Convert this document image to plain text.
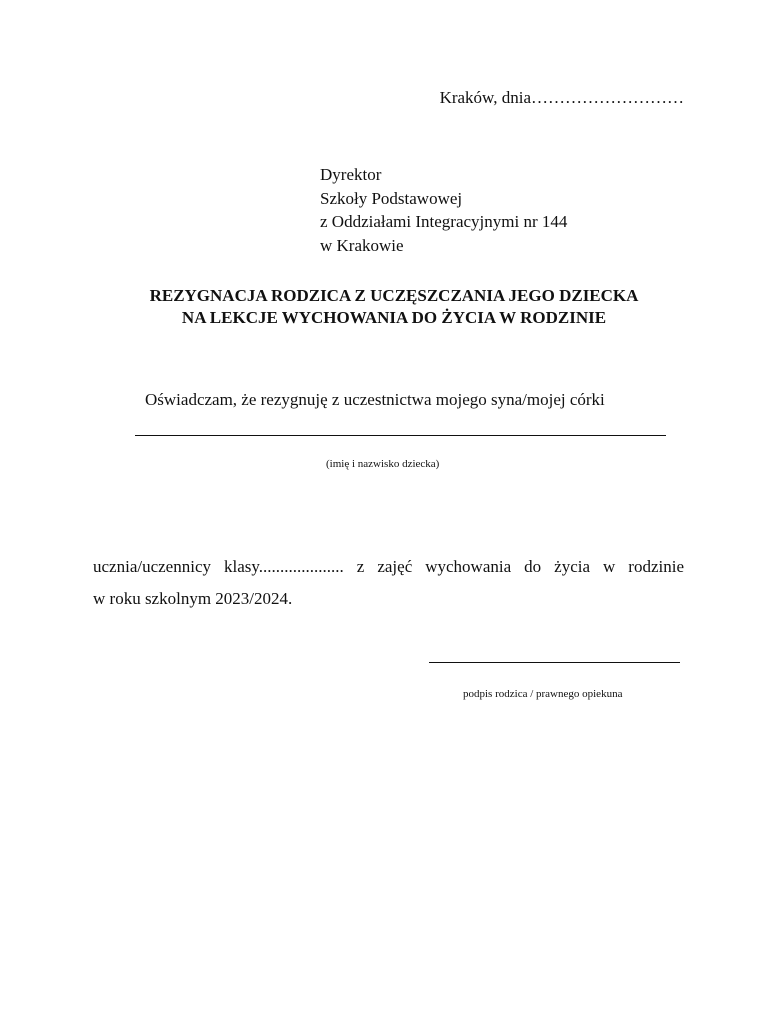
Kraków, dnia………………………
Dyrektor
Szkoły Podstawowej
z Oddziałami Integracyjnymi nr 144
w Krakowie
REZYGNACJA RODZICA Z UCZĘSZCZANIA JEGO DZIECKA
NA LEKCJE WYCHOWANIA DO ŻYCIA W RODZINIE
Oświadczam, że rezygnuję z uczestnictwa mojego syna/mojej córki
(imię i nazwisko dziecka)
ucznia/uczennicy klasy.................... z zajęć wychowania do życia w rodzinie
w roku szkolnym 2023/2024.
podpis rodzica / prawnego opiekuna
